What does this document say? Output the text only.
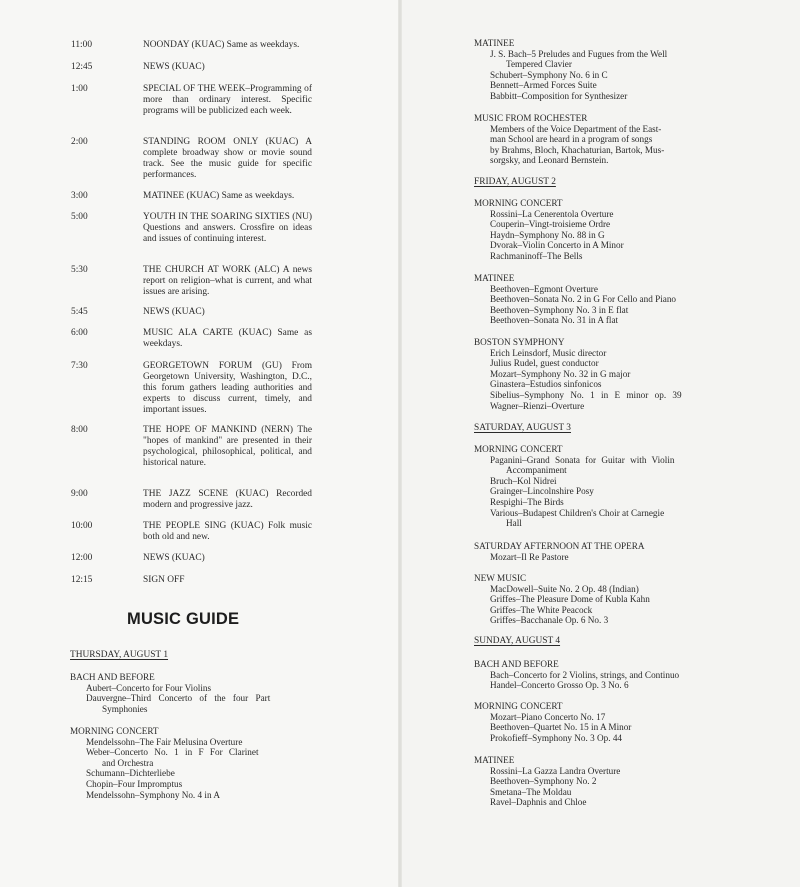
11:00	NOONDAY (KUAC) Same as weekdays.
12:45	NEWS (KUAC)
1:00	SPECIAL OF THE WEEK–Programming of more than ordinary interest. Specific programs will be publicized each week.
2:00	STANDING ROOM ONLY (KUAC) A complete broadway show or movie sound track. See the music guide for specific performances.
3:00	MATINEE (KUAC) Same as weekdays.
5:00	YOUTH IN THE SOARING SIXTIES (NU) Questions and answers. Crossfire on ideas and issues of continuing interest.
5:30	THE CHURCH AT WORK (ALC) A news report on religion–what is current, and what issues are arising.
5:45	NEWS (KUAC)
6:00	MUSIC ALA CARTE (KUAC) Same as weekdays.
7:30	GEORGETOWN FORUM (GU) From Georgetown University, Washington, D.C., this forum gathers leading authorities and experts to discuss current, timely, and important issues.
8:00	THE HOPE OF MANKIND (NERN) The "hopes of mankind" are presented in their psychological, philosophical, political, and historical nature.
9:00	THE JAZZ SCENE (KUAC) Recorded modern and progressive jazz.
10:00	THE PEOPLE SING (KUAC) Folk music both old and new.
12:00	NEWS (KUAC)
12:15	SIGN OFF
MUSIC GUIDE
THURSDAY, AUGUST 1
BACH AND BEFORE
Aubert–Concerto for Four Violins
Dauvergne–Third Concerto of the four Part
Symphonies
MORNING CONCERT
Mendelssohn–The Fair Melusina Overture
Weber–Concerto No. 1 in F For Clarinet
and Orchestra
Schumann–Dichterliebe
Chopin–Four Impromptus
Mendelssohn–Symphony No. 4 in A
MATINEE
J. S. Bach–5 Preludes and Fugues from the Well
Tempered Clavier
Schubert–Symphony No. 6 in C
Bennett–Armed Forces Suite
Babbitt–Composition for Synthesizer
MUSIC FROM ROCHESTER
Members of the Voice Department of the East-
man School are heard in a program of songs
by Brahms, Bloch, Khachaturian, Bartok, Mus-
sorgsky, and Leonard Bernstein.
FRIDAY, AUGUST 2
MORNING CONCERT
Rossini–La Cenerentola Overture
Couperin–Vingt-troisieme Ordre
Haydn–Symphony No. 88 in G
Dvorak–Violin Concerto in A Minor
Rachmaninoff–The Bells
MATINEE
Beethoven–Egmont Overture
Beethoven–Sonata No. 2 in G For Cello and Piano
Beethoven–Symphony No. 3 in E flat
Beethoven–Sonata No. 31 in A flat
BOSTON SYMPHONY
Erich Leinsdorf, Music director
Julius Rudel, guest conductor
Mozart–Symphony No. 32 in G major
Ginastera–Estudios sinfonicos
Sibelius–Symphony No. 1 in E minor op. 39
Wagner–Rienzi–Overture
SATURDAY, AUGUST 3
MORNING CONCERT
Paganini–Grand Sonata for Guitar with Violin
Accompaniment
Bruch–Kol Nidrei
Grainger–Lincolnshire Posy
Respighi–The Birds
Various–Budapest Children's Choir at Carnegie
Hall
SATURDAY AFTERNOON AT THE OPERA
Mozart–Il Re Pastore
NEW MUSIC
MacDowell–Suite No. 2 Op. 48 (Indian)
Griffes–The Pleasure Dome of Kubla Kahn
Griffes–The White Peacock
Griffes–Bacchanale Op. 6 No. 3
SUNDAY, AUGUST 4
BACH AND BEFORE
Bach–Concerto for 2 Violins, strings, and Continuo
Handel–Concerto Grosso Op. 3 No. 6
MORNING CONCERT
Mozart–Piano Concerto No. 17
Beethoven–Quartet No. 15 in A Minor
Prokofieff–Symphony No. 3 Op. 44
MATINEE
Rossini–La Gazza Landra Overture
Beethoven–Symphony No. 2
Smetana–The Moldau
Ravel–Daphnis and Chloe
